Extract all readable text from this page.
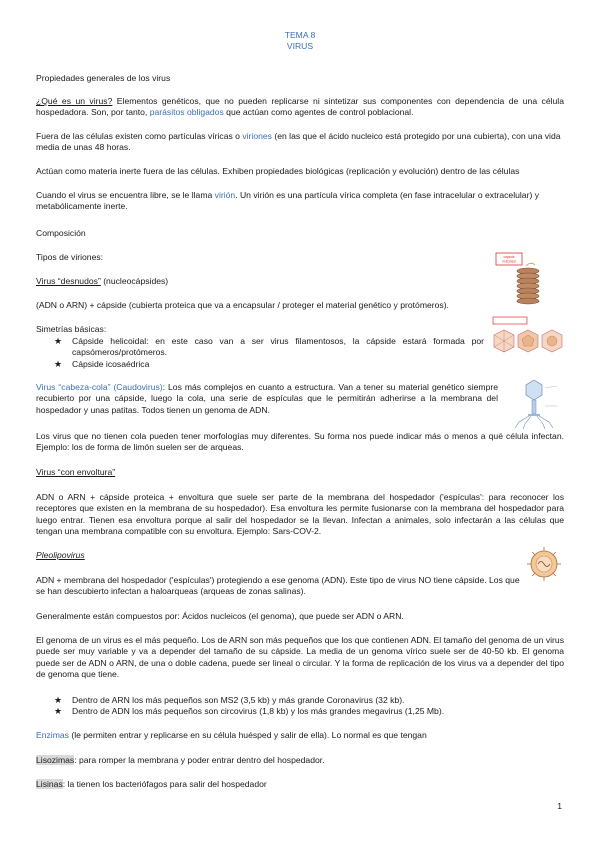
TEMA 8
VIRUS
Propiedades generales de los virus
¿Qué es un virus? Elementos genéticos, que no pueden replicarse ni sintetizar sus componentes con dependencia de una célula hospedadora. Son, por tanto, parásitos obligados que actúan como agentes de control poblacional.
Fuera de las células existen como partículas víricas o viriones (en las que el ácido nucleico está protegido por una cubierta), con una vida media de unas 48 horas.
Actúan como materia inerte fuera de las células. Exhiben propiedades biológicas (replicación y evolución) dentro de las células
Cuando el virus se encuentra libre, se le llama virión. Un virión es una partícula vírica completa (en fase intracelular o extracelular) y metabólicamente inerte.
Composición
Tipos de viriones:
Virus “desnudos” (nucleocápsides)
(ADN o ARN) + cápside (cubierta proteica que va a encapsular / proteger el material genético y protómeros).
Simetrías básicas:
★ Cápside helicoidal: en este caso van a ser virus filamentosos, la cápside estará formada por capsómeros/protómeros.
★ Cápside icosaédrica
cápside
helicoidal
Virus “cabeza-cola” (Caudovirus): Los más complejos en cuanto a estructura. Van a tener su material genético siempre recubierto por una cápside, luego la cola, una serie de espículas que le permitirán adherirse a la membrana del hospedador y unas patitas. Todos tienen un genoma de ADN.
Los virus que no tienen cola pueden tener morfologías muy diferentes. Su forma nos puede indicar más o menos a qué célula infectan. Ejemplo: los de forma de limón suelen ser de arqueas.
Virus “con envoltura”
ADN o ARN + cápside proteica + envoltura que suele ser parte de la membrana del hospedador ('espículas': para reconocer los receptores que existen en la membrana de su hospedador). Esa envoltura les permite fusionarse con la membrana del hospedador para luego entrar. Tienen esa envoltura porque al salir del hospedador se la llevan. Infectan a animales, solo infectarán a las células que tengan una membrana compatible con su envoltura. Ejemplo: Sars-COV-2.
Pleolipovirus
ADN + membrana del hospedador ('espículas') protegiendo a ese genoma (ADN). Este tipo de virus NO tiene cápside. Los que se han descubierto infectan a haloarqueas (arqueas de zonas salinas).
Generalmente están compuestos por: Ácidos nucleicos (el genoma), que puede ser ADN o ARN.
El genoma de un virus es el más pequeño. Los de ARN son más pequeños que los que contienen ADN. El tamaño del genoma de un virus puede ser muy variable y va a depender del tamaño de su cápside. La media de un genoma vírico suele ser de 40-50 kb. El genoma puede ser de ADN o ARN, de una o doble cadena, puede ser lineal o circular. Y la forma de replicación de los virus va a depender del tipo de genoma que tiene.
★ Dentro de ARN los más pequeños son MS2 (3,5 kb) y más grande Coronavirus (32 kb).
★ Dentro de ADN los más pequeños son circovirus (1,8 kb) y los más grandes megavirus (1,25 Mb).
Enzimas (le permiten entrar y replicarse en su célula huésped y salir de ella). Lo normal es que tengan
Lisozimas: para romper la membrana y poder entrar dentro del hospedador.
Lisinas: la tienen los bacteriófagos para salir del hospedador
1
